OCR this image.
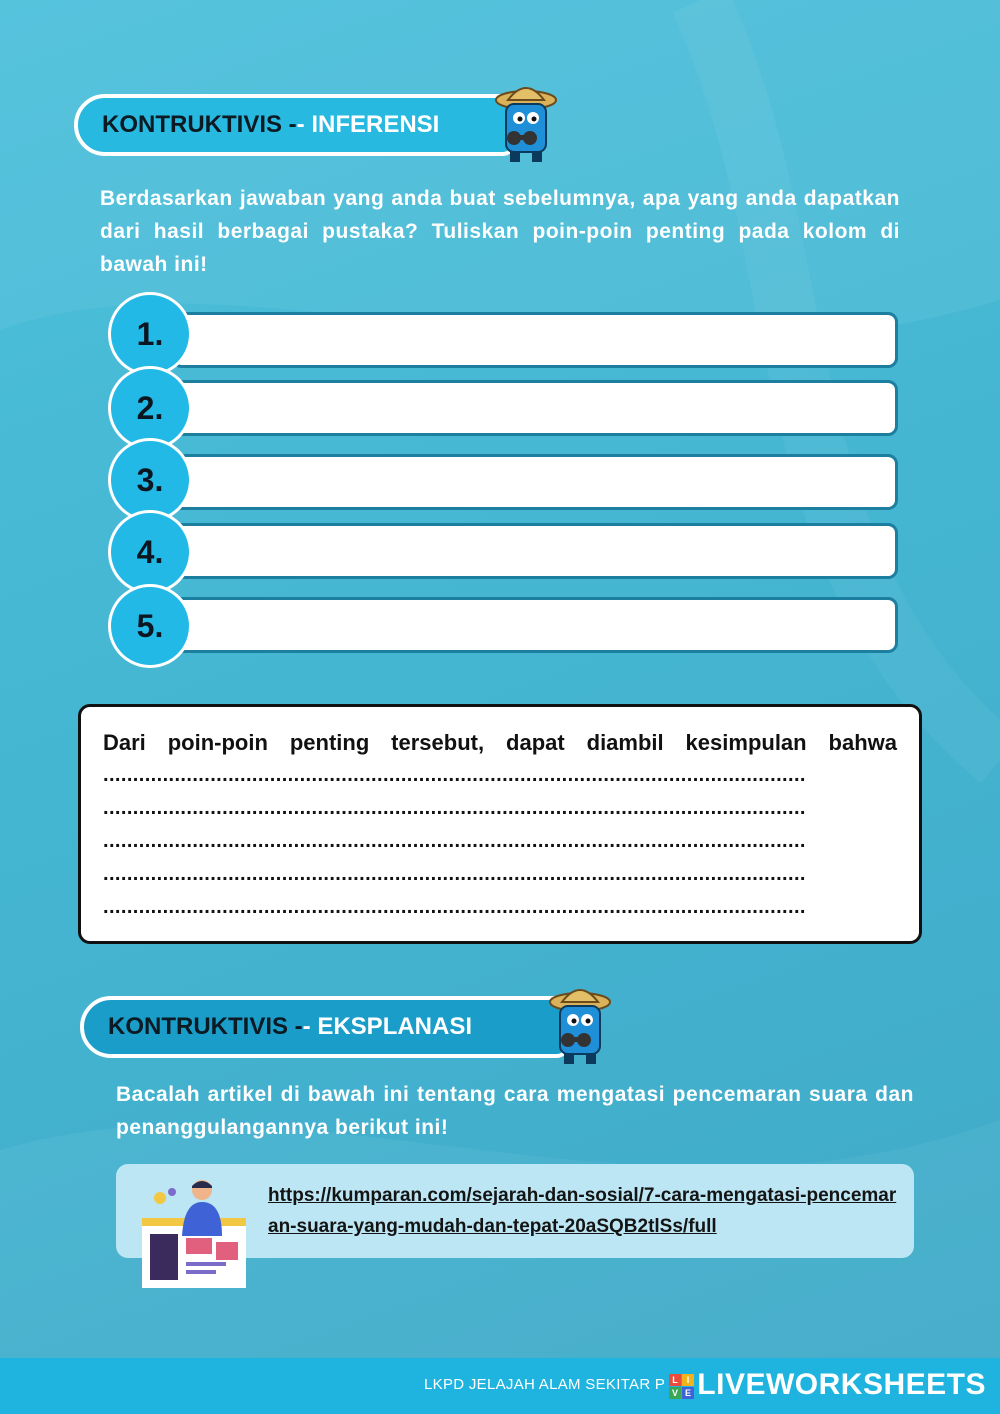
KONTRUKTIVIS - - INFERENSI
Berdasarkan jawaban yang anda buat sebelumnya, apa yang anda dapatkan dari hasil berbagai pustaka? Tuliskan poin-poin penting pada kolom di bawah ini!
1.
2.
3.
4.
5.
Dari poin-poin penting tersebut, dapat diambil kesimpulan bahwa
......................................................................................................................
......................................................................................................................
......................................................................................................................
......................................................................................................................
......................................................................................................................
KONTRUKTIVIS - - EKSPLANASI
Bacalah artikel di bawah ini tentang cara mengatasi pencemaran suara dan penanggulangannya berikut ini!
https://kumparan.com/sejarah-dan-sosial/7-cara-mengatasi-pencemaran-suara-yang-mudah-dan-tepat-20aSQB2tlSs/full
LKPD JELAJAH ALAM SEKITAR P L I
V E LIVEWORKSHEETS
